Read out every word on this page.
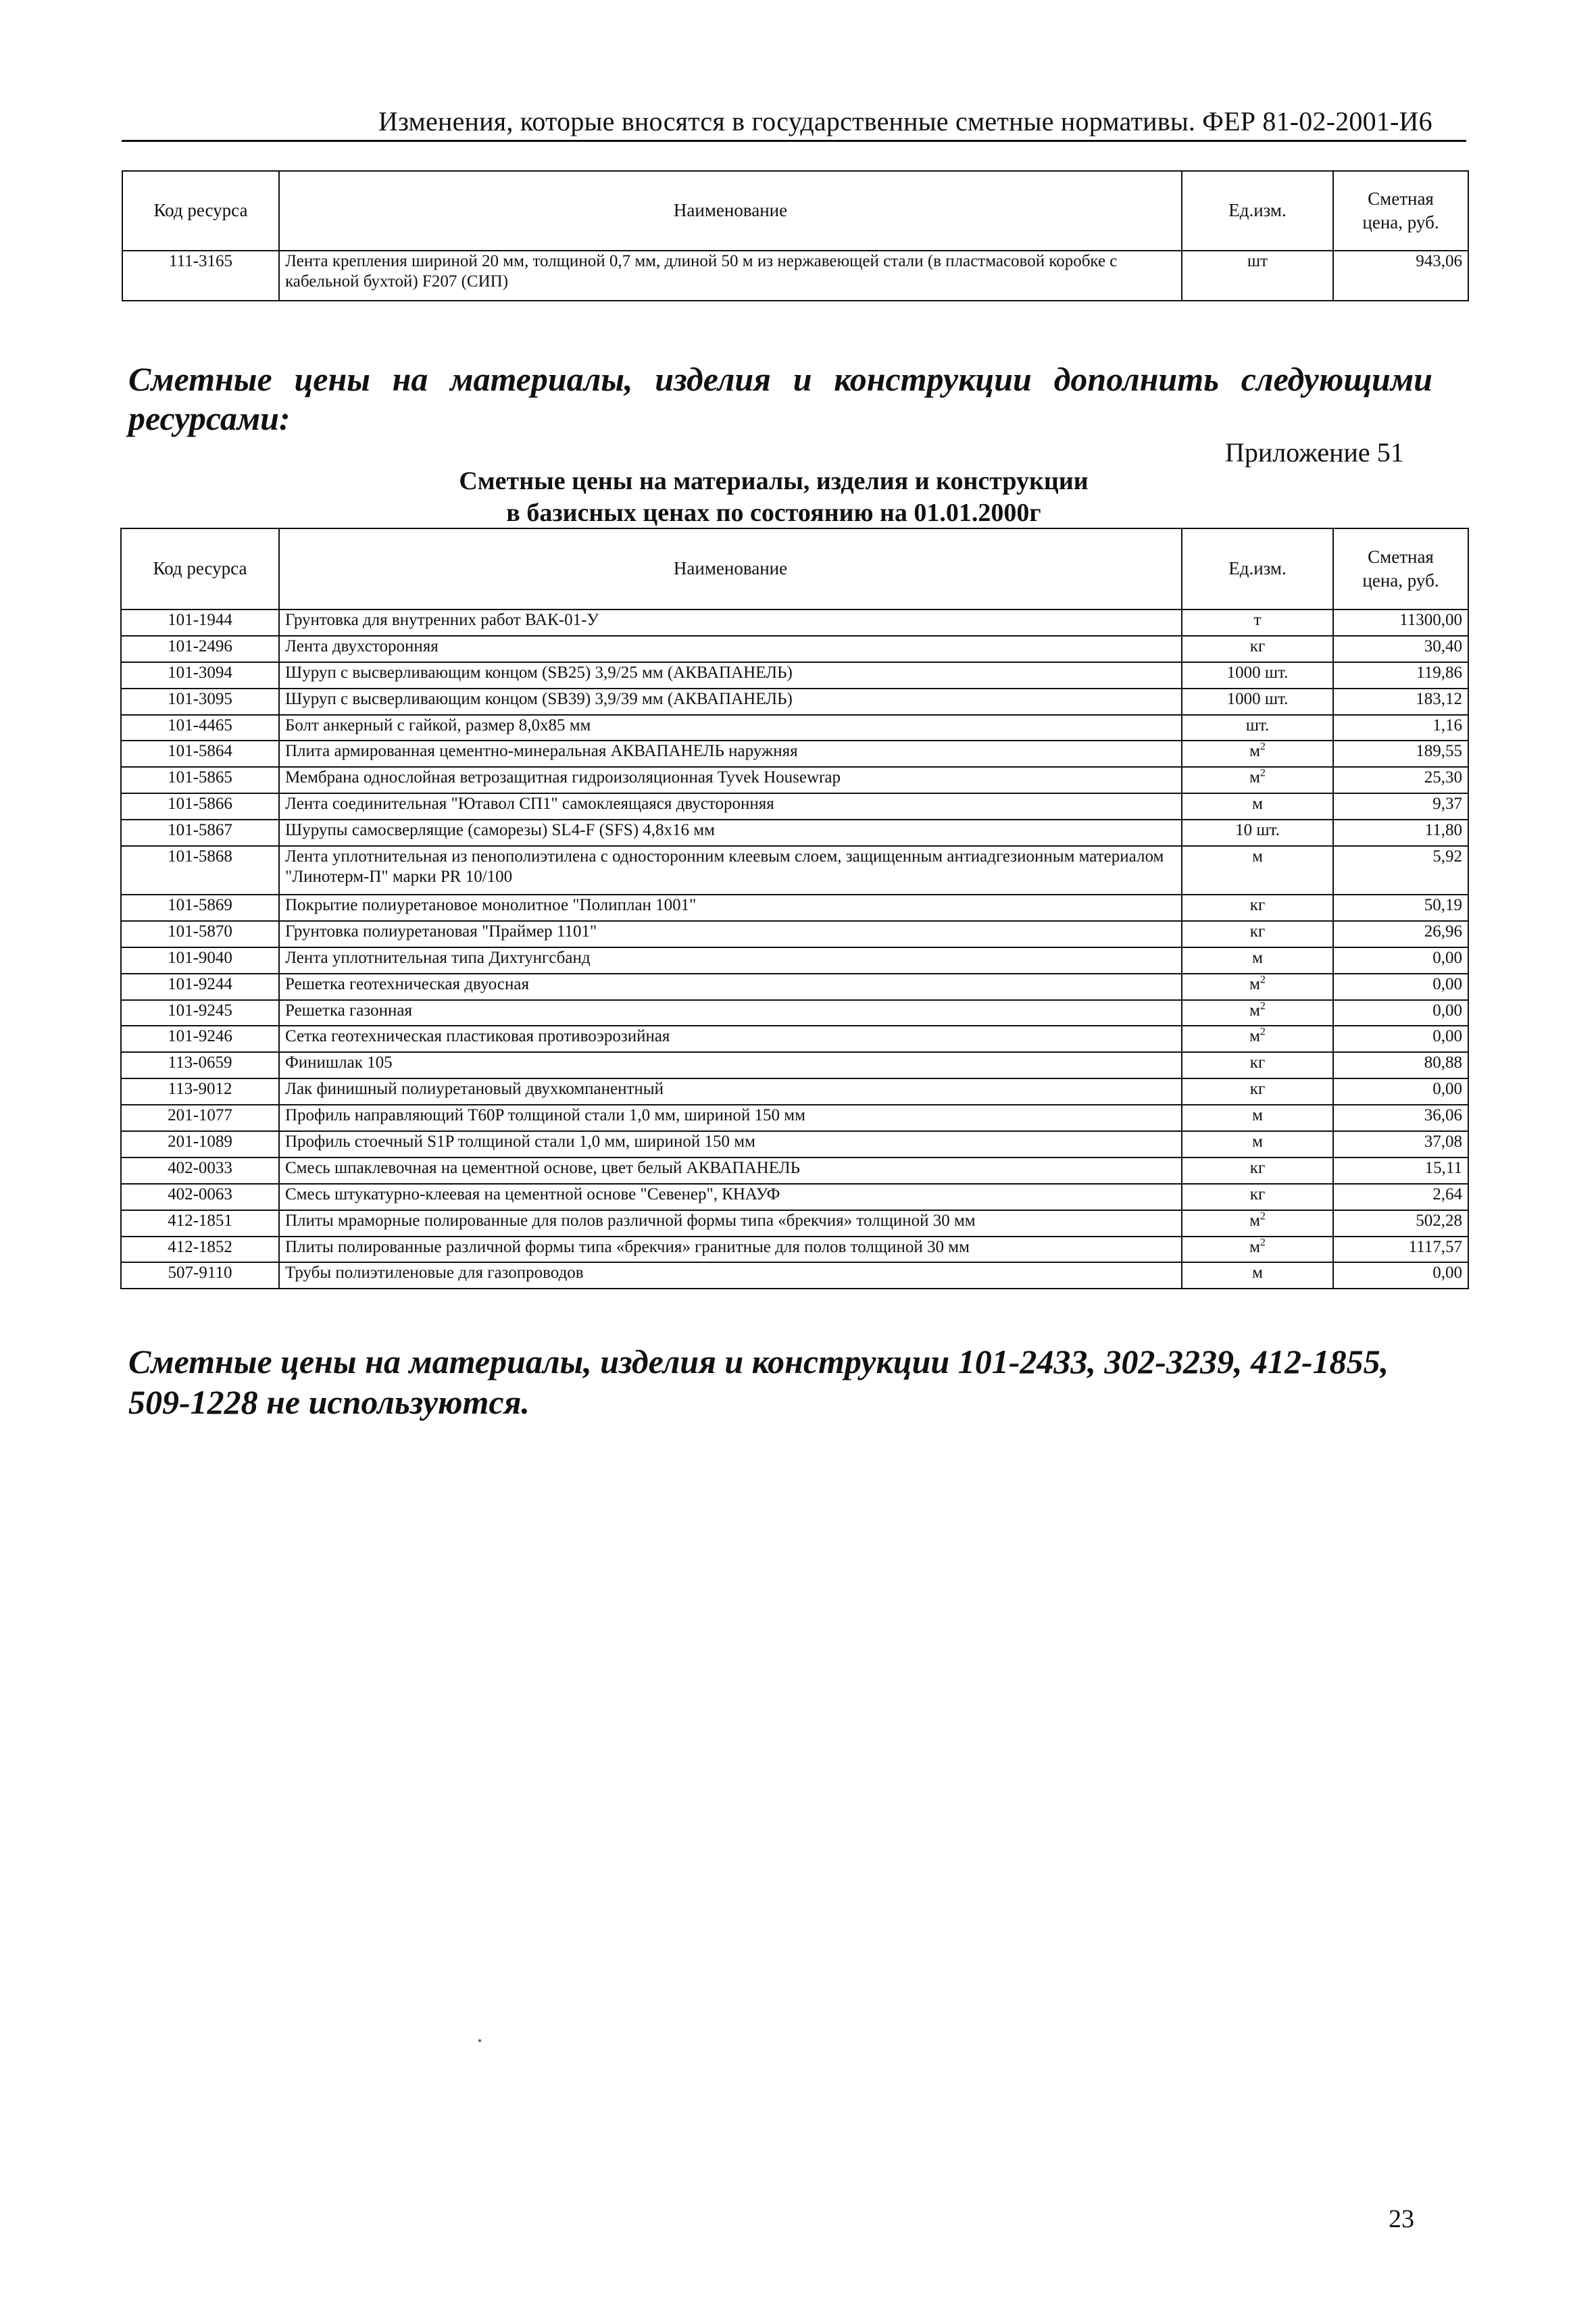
Изменения, которые вносятся в государственные сметные нормативы. ФЕР 81-02-2001-И6
Код ресурса	Наименование	Ед.изм.	Сметная
цена, руб.

111-3165	Лента крепления шириной 20 мм, толщиной 0,7 мм, длиной 50 м из нержавеющей стали (в пластмасовой коробке с кабельной бухтой) F207 (СИП)	шт	943,06
Сметные цены на материалы, изделия и конструкции дополнить следующими
ресурсами:
Приложение 51
Сметные цены на материалы, изделия и конструкции
в базисных ценах по состоянию на 01.01.2000г
Код ресурса	Наименование	Ед.изм.	Сметная
цена, руб.

101-1944	Грунтовка для внутренних работ ВАК-01-У	т	11300,00
101-2496	Лента двухсторонняя	кг	30,40
101-3094	Шуруп с высверливающим концом (SB25) 3,9/25 мм (АКВАПАНЕЛЬ)	1000 шт.	119,86
101-3095	Шуруп с высверливающим концом (SB39) 3,9/39 мм (АКВАПАНЕЛЬ)	1000 шт.	183,12
101-4465	Болт анкерный с гайкой, размер 8,0х85 мм	шт.	1,16
101-5864	Плита армированная цементно-минеральная АКВАПАНЕЛЬ наружняя	$м^2$	189,55
101-5865	Мембрана однослойная ветрозащитная гидроизоляционная Tyvek Housewrap	$м^2$	25,30
101-5866	Лента соединительная "Ютавол СП1" самоклеящаяся двусторонняя	м	9,37
101-5867	Шурупы самосверлящие (саморезы) SL4-F (SFS) 4,8х16 мм	10 шт.	11,80
101-5868	Лента уплотнительная из пенополиэтилена с односторонним клеевым слоем, защищенным антиадгезионным материалом "Линотерм-П" марки PR 10/100	м	5,92
101-5869	Покрытие полиуретановое монолитное "Полиплан 1001"	кг	50,19
101-5870	Грунтовка полиуретановая "Праймер 1101"	кг	26,96
101-9040	Лента уплотнительная типа Дихтунгсбанд	м	0,00
101-9244	Решетка геотехническая двуосная	$м^2$	0,00
101-9245	Решетка газонная	$м^2$	0,00
101-9246	Сетка геотехническая пластиковая противоэрозийная	$м^2$	0,00
113-0659	Финишлак 105	кг	80,88
113-9012	Лак финишный полиуретановый двухкомпанентный	кг	0,00
201-1077	Профиль направляющий T60P толщиной стали 1,0 мм, шириной 150 мм	м	36,06
201-1089	Профиль стоечный S1P толщиной стали 1,0 мм, шириной 150 мм	м	37,08
402-0033	Смесь шпаклевочная на цементной основе, цвет белый АКВАПАНЕЛЬ	кг	15,11
402-0063	Смесь штукатурно-клеевая на цементной основе "Севенер", КНАУФ	кг	2,64
412-1851	Плиты мраморные полированные для полов различной формы типа «брекчия» толщиной 30 мм	$м^2$	502,28
412-1852	Плиты полированные различной формы типа «брекчия» гранитные для полов толщиной 30 мм	$м^2$	1117,57
507-9110	Трубы полиэтиленовые для газопроводов	м	0,00
Сметные цены на материалы, изделия и конструкции 101-2433, 302-3239, 412-1855, 509-1228 не используются.
23
